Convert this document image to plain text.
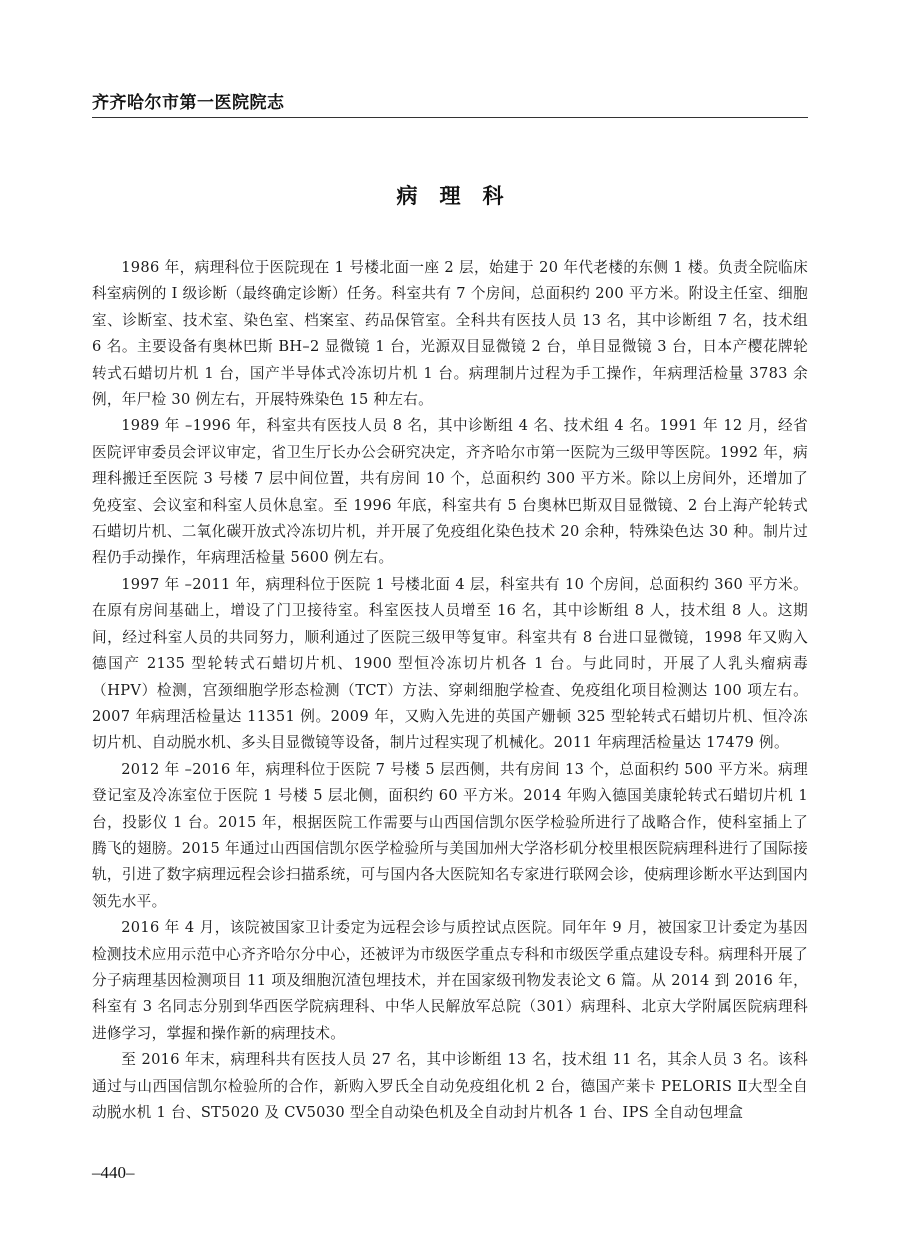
齐齐哈尔市第一医院院志
病理科

1986 年，病理科位于医院现在 1 号楼北面一座 2 层，始建于 20 年代老楼的东侧 1 楼。负责全院临床科室病例的 I 级诊断（最终确定诊断）任务。科室共有 7 个房间，总面积约 200 平方米。附设主任室、细胞室、诊断室、技术室、染色室、档案室、药品保管室。全科共有医技人员 13 名，其中诊断组 7 名，技术组 6 名。主要设备有奥林巴斯 BH–2 显微镜 1 台，光源双目显微镜 2 台，单目显微镜 3 台，日本产樱花牌轮转式石蜡切片机 1 台，国产半导体式冷冻切片机 1 台。病理制片过程为手工操作，年病理活检量 3783 余例，年尸检 30 例左右，开展特殊染色 15 种左右。

1989 年 –1996 年，科室共有医技人员 8 名，其中诊断组 4 名、技术组 4 名。1991 年 12 月，经省医院评审委员会评议审定，省卫生厅长办公会研究决定，齐齐哈尔市第一医院为三级甲等医院。1992 年，病理科搬迁至医院 3 号楼 7 层中间位置，共有房间 10 个，总面积约 300 平方米。除以上房间外，还增加了免疫室、会议室和科室人员休息室。至 1996 年底，科室共有 5 台奥林巴斯双目显微镜、2 台上海产轮转式石蜡切片机、二氧化碳开放式冷冻切片机，并开展了免疫组化染色技术 20 余种，特殊染色达 30 种。制片过程仍手动操作，年病理活检量 5600 例左右。

1997 年 –2011 年，病理科位于医院 1 号楼北面 4 层，科室共有 10 个房间，总面积约 360 平方米。在原有房间基础上，增设了门卫接待室。科室医技人员增至 16 名，其中诊断组 8 人，技术组 8 人。这期间，经过科室人员的共同努力，顺利通过了医院三级甲等复审。科室共有 8 台进口显微镜，1998 年又购入德国产 2135 型轮转式石蜡切片机、1900 型恒冷冻切片机各 1 台。与此同时，开展了人乳头瘤病毒（HPV）检测，宫颈细胞学形态检测（TCT）方法、穿刺细胞学检查、免疫组化项目检测达 100 项左右。2007 年病理活检量达 11351 例。2009 年，又购入先进的英国产姗顿 325 型轮转式石蜡切片机、恒冷冻切片机、自动脱水机、多头目显微镜等设备，制片过程实现了机械化。2011 年病理活检量达 17479 例。

2012 年 –2016 年，病理科位于医院 7 号楼 5 层西侧，共有房间 13 个，总面积约 500 平方米。病理登记室及冷冻室位于医院 1 号楼 5 层北侧，面积约 60 平方米。2014 年购入德国美康轮转式石蜡切片机 1 台，投影仪 1 台。2015 年，根据医院工作需要与山西国信凯尔医学检验所进行了战略合作，使科室插上了腾飞的翅膀。2015 年通过山西国信凯尔医学检验所与美国加州大学洛杉矶分校里根医院病理科进行了国际接轨，引进了数字病理远程会诊扫描系统，可与国内各大医院知名专家进行联网会诊，使病理诊断水平达到国内领先水平。

2016 年 4 月，该院被国家卫计委定为远程会诊与质控试点医院。同年年 9 月，被国家卫计委定为基因检测技术应用示范中心齐齐哈尔分中心，还被评为市级医学重点专科和市级医学重点建设专科。病理科开展了分子病理基因检测项目 11 项及细胞沉渣包埋技术，并在国家级刊物发表论文 6 篇。从 2014 到 2016 年，科室有 3 名同志分别到华西医学院病理科、中华人民解放军总院（301）病理科、北京大学附属医院病理科进修学习，掌握和操作新的病理技术。

至 2016 年末，病理科共有医技人员 27 名，其中诊断组 13 名，技术组 11 名，其余人员 3 名。该科通过与山西国信凯尔检验所的合作，新购入罗氏全自动免疫组化机 2 台，德国产莱卡 PELORIS Ⅱ大型全自动脱水机 1 台、ST5020 及 CV5030 型全自动染色机及全自动封片机各 1 台、IPS 全自动包埋盒

–440–
